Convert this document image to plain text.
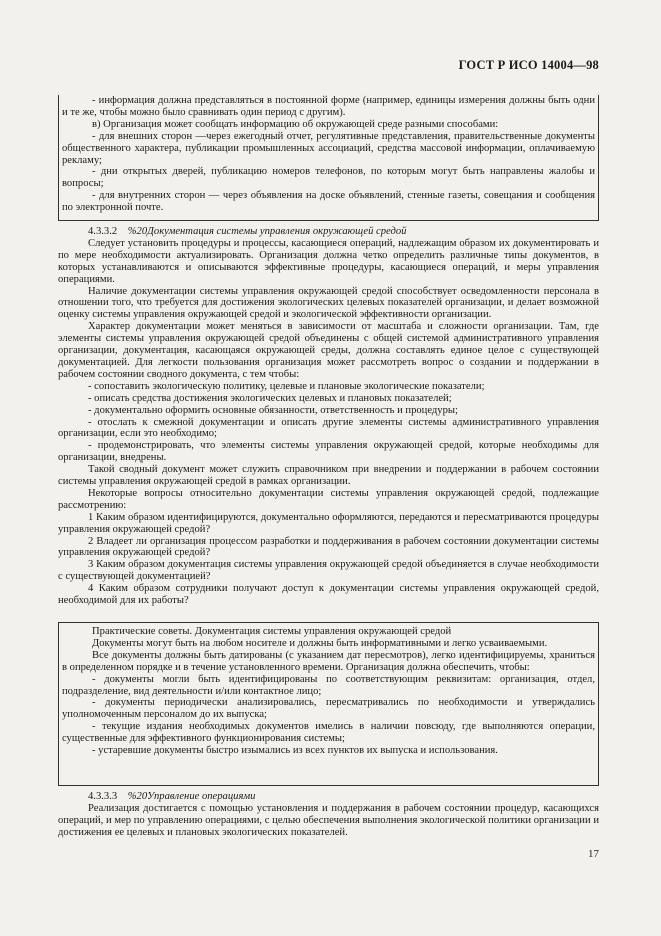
ГОСТ Р ИСО 14004—98

- информация должна представляться в постоянной форме (например, единицы измерения должны быть одни и те же, чтобы можно было сравнивать один период с другим).

в) Организация может сообщать информацию об окружающей среде разными способами:

- для внешних сторон —через ежегодный отчет, регулятивные представления, правительственные документы общественного характера, публикации промышленных ассоциаций, средства массовой информации, оплачиваемую рекламу;

- дни открытых дверей, публикацию номеров телефонов, по которым могут быть направлены жалобы и вопросы;

- для внутренних сторон — через объявления на доске объявлений, стенные газеты, совещания и сообщения по электронной почте.

4.3.3.2 %20Документация системы управления окружающей средой

Следует установить процедуры и процессы, касающиеся операций, надлежащим образом их документировать и по мере необходимости актуализировать. Организация должна четко определить различные типы документов, в которых устанавливаются и описываются эффективные процедуры, касающиеся операций, и меры управления операциями.

Наличие документации системы управления окружающей средой способствует осведомленности персонала в отношении того, что требуется для достижения экологических целевых показателей организации, и делает возможной оценку системы управления окружающей средой и экологической эффективности организации.

Характер документации может меняться в зависимости от масштаба и сложности организации. Там, где элементы системы управления окружающей средой объединены с общей системой административного управления организации, документация, касающаяся окружающей среды, должна составлять единое целое с существующей документацией. Для легкости пользования организация может рассмотреть вопрос о создании и поддержании в рабочем состоянии сводного документа, с тем чтобы:

- сопоставить экологическую политику, целевые и плановые экологические показатели;

- описать средства достижения экологических целевых и плановых показателей;

- документально оформить основные обязанности, ответственность и процедуры;

- отослать к смежной документации и описать другие элементы системы административного управления организации, если это необходимо;

- продемонстрировать, что элементы системы управления окружающей средой, которые необходимы для организации, внедрены.

Такой сводный документ может служить справочником при внедрении и поддержании в рабочем состоянии системы управления окружающей средой в рамках организации.

Некоторые вопросы относительно документации системы управления окружающей средой, подлежащие рассмотрению:

1 Каким образом идентифицируются, документально оформляются, передаются и пересматриваются процедуры управления окружающей средой?

2 Владеет ли организация процессом разработки и поддерживания в рабочем состоянии документации системы управления окружающей средой?

3 Каким образом документация системы управления окружающей средой объединяется в случае необходимости с существующей документацией?

4 Каким образом сотрудники получают доступ к документации системы управления окружающей средой, необходимой для их работы?

Практические советы. Документация системы управления окружающей средой

Документы могут быть на любом носителе и должны быть информативными и легко усваиваемыми.

Все документы должны быть датированы (с указанием дат пересмотров), легко идентифицируемы, храниться в определенном порядке и в течение установленного времени. Организация должна обеспечить, чтобы:

- документы могли быть идентифицированы по соответствующим реквизитам: организация, отдел, подразделение, вид деятельности и/или контактное лицо;

- документы периодически анализировались, пересматривались по необходимости и утверждались уполномоченным персоналом до их выпуска;

- текущие издания необходимых документов имелись в наличии повсюду, где выполняются операции, существенные для эффективного функционирования системы;

- устаревшие документы быстро изымались из всех пунктов их выпуска и использования.

4.3.3.3 %20Управление операциями

Реализация достигается с помощью установления и поддержания в рабочем состоянии процедур, касающихся операций, и мер по управлению операциями, с целью обеспечения выполнения экологической политики организации и достижения ее целевых и плановых экологических показателей.

17
